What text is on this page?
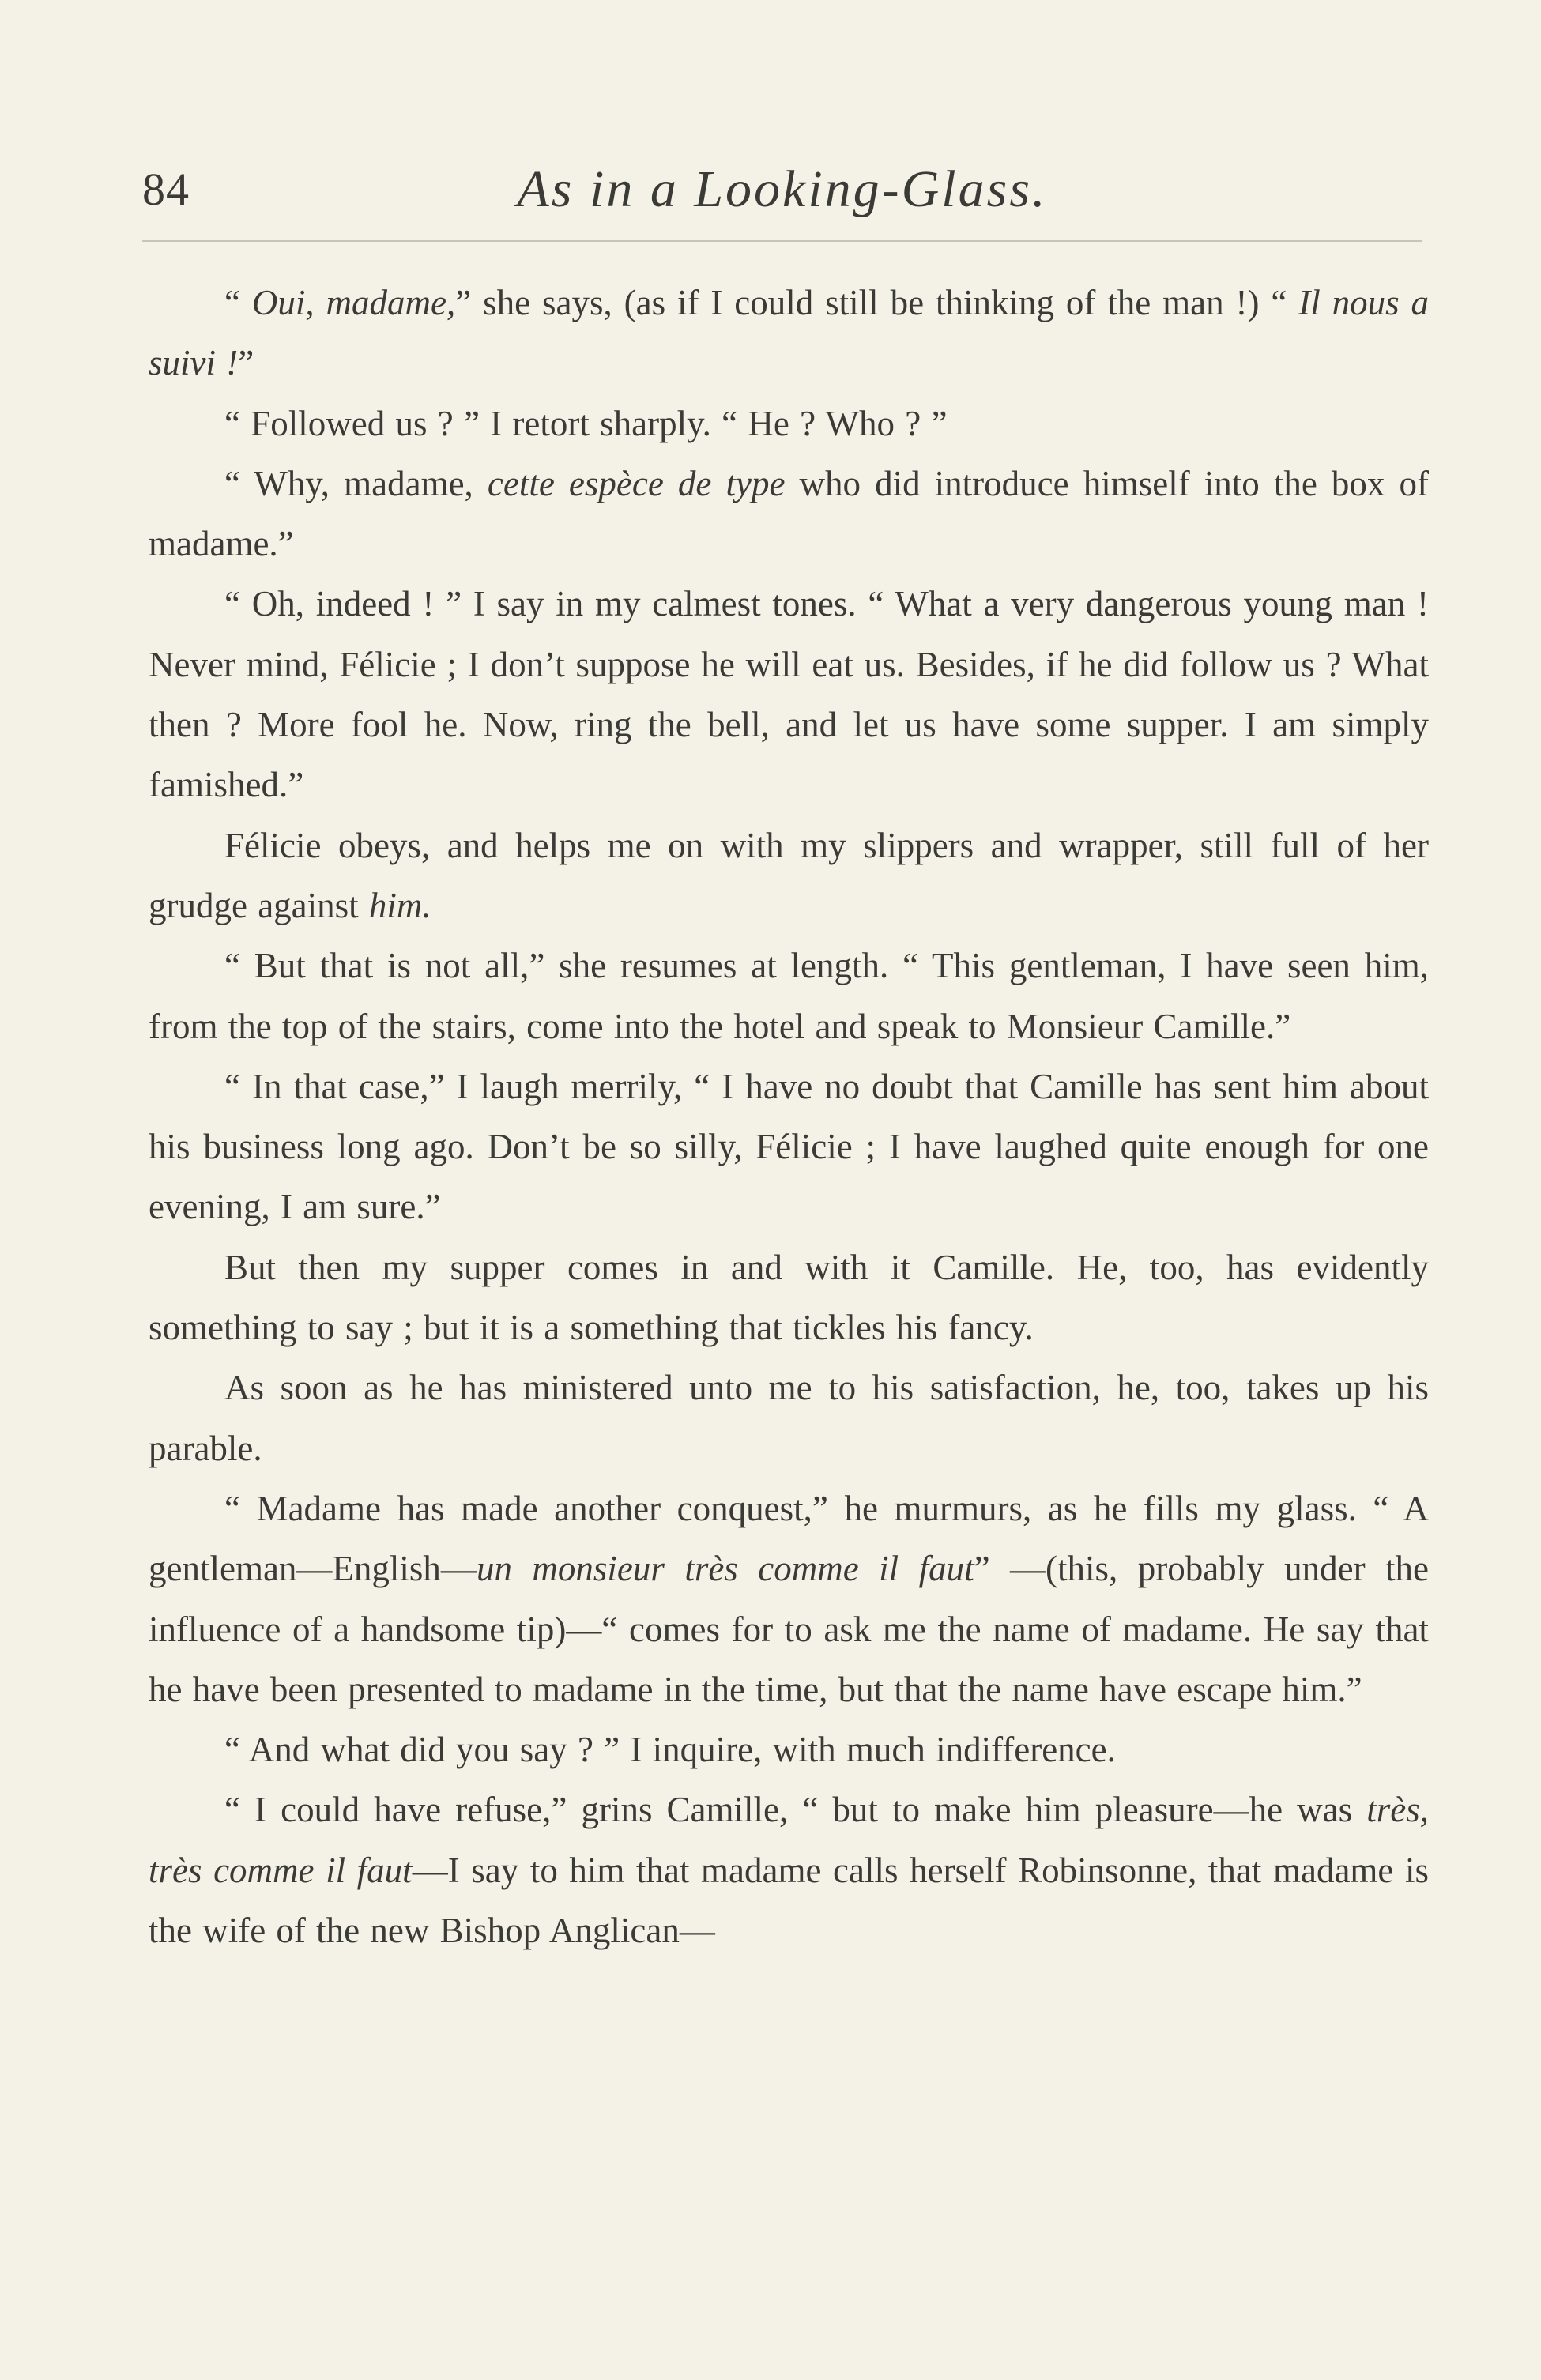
84	As in a Looking-Glass.

“ Oui, madame,” she says, (as if I could still be thinking of the man !) “ Il nous a suivi !”

“ Followed us ? ” I retort sharply. “ He ? Who ? ”

“ Why, madame, cette espèce de type who did introduce himself into the box of madame.”

“ Oh, indeed ! ” I say in my calmest tones. “ What a very dangerous young man ! Never mind, Félicie ; I don’t suppose he will eat us. Besides, if he did follow us ? What then ? More fool he. Now, ring the bell, and let us have some supper. I am simply famished.”

Félicie obeys, and helps me on with my slippers and wrapper, still full of her grudge against him.

“ But that is not all,” she resumes at length. “ This gentleman, I have seen him, from the top of the stairs, come into the hotel and speak to Monsieur Camille.”

“ In that case,” I laugh merrily, “ I have no doubt that Camille has sent him about his business long ago. Don’t be so silly, Félicie ; I have laughed quite enough for one evening, I am sure.”

But then my supper comes in and with it Camille. He, too, has evidently something to say ; but it is a something that tickles his fancy.

As soon as he has ministered unto me to his satisfaction, he, too, takes up his parable.

“ Madame has made another conquest,” he murmurs, as he fills my glass. “ A gentleman—English—un monsieur très comme il faut” —(this, probably under the influence of a handsome tip)—“ comes for to ask me the name of madame. He say that he have been presented to madame in the time, but that the name have escape him.”

“ And what did you say ? ” I inquire, with much indifference.

“ I could have refuse,” grins Camille, “ but to make him pleasure—he was très, très comme il faut—I say to him that madame calls herself Robinsonne, that madame is the wife of the new Bishop Anglican—
